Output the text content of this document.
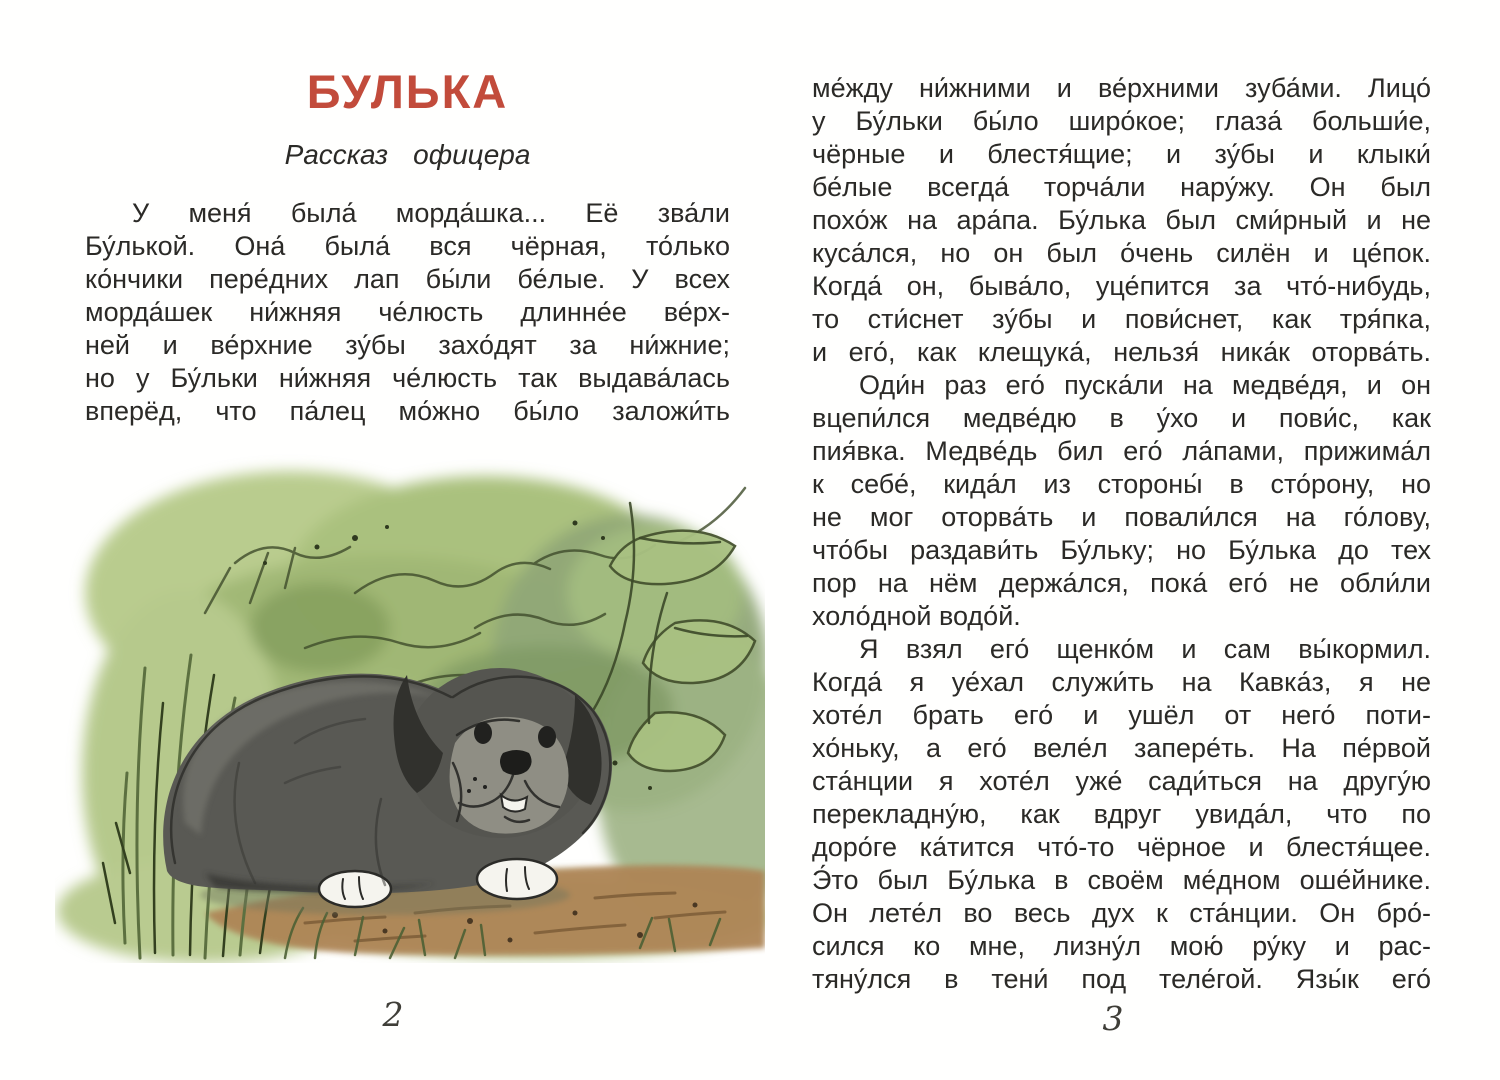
БУЛЬКА
Рассказ офицера
У меня́ была́ морда́шка... Её зва́ли
Бу́лькой. Она́ была́ вся чёрная, то́лько
ко́нчики пере́дних лап бы́ли бе́лые. У всех
морда́шек ни́жняя че́люсть длинне́е ве́рх-
ней и ве́рхние зу́бы захо́дят за ни́жние;
но у Бу́льки ни́жняя че́люсть так выдава́лась
вперёд, что па́лец мо́жно бы́ло заложи́ть
2
ме́жду ни́жними и ве́рхними зуба́ми. Лицо́
у Бу́льки бы́ло широ́кое; глаза́ больши́е,
чёрные и блестя́щие; и зу́бы и клыки́
бе́лые всегда́ торча́ли нару́жу. Он был
похо́ж на ара́па. Бу́лька был сми́рный и не
куса́лся, но он был о́чень силён и це́пок.
Когда́ он, быва́ло, уце́пится за что́-нибудь,
то сти́снет зу́бы и пови́снет, как тря́пка,
и его́, как клещука́, нельзя́ ника́к оторва́ть.
Оди́н раз его́ пуска́ли на медве́дя, и он
вцепи́лся медве́дю в у́хо и пови́с, как
пия́вка. Медве́дь бил его́ ла́пами, прижима́л
к себе́, кида́л из стороны́ в сто́рону, но
не мог оторва́ть и повали́лся на го́лову,
что́бы раздави́ть Бу́льку; но Бу́лька до тех
пор на нём держа́лся, пока́ его́ не обли́ли
холо́дной водо́й.
Я взял его́ щенко́м и сам вы́кормил.
Когда́ я уе́хал служи́ть на Кавка́з, я не
хоте́л брать его́ и ушёл от него́ поти-
хо́ньку, а его́ веле́л запере́ть. На пе́рвой
ста́нции я хоте́л уже́ сади́ться на другу́ю
перекладну́ю, как вдруг увида́л, что по
доро́ге ка́тится что́-то чёрное и блестя́щее.
Э́то был Бу́лька в своём ме́дном оше́йнике.
Он лете́л во весь дух к ста́нции. Он бро́-
сился ко мне, лизну́л мою́ ру́ку и рас-
тяну́лся в тени́ под теле́гой. Язы́к его́
3
